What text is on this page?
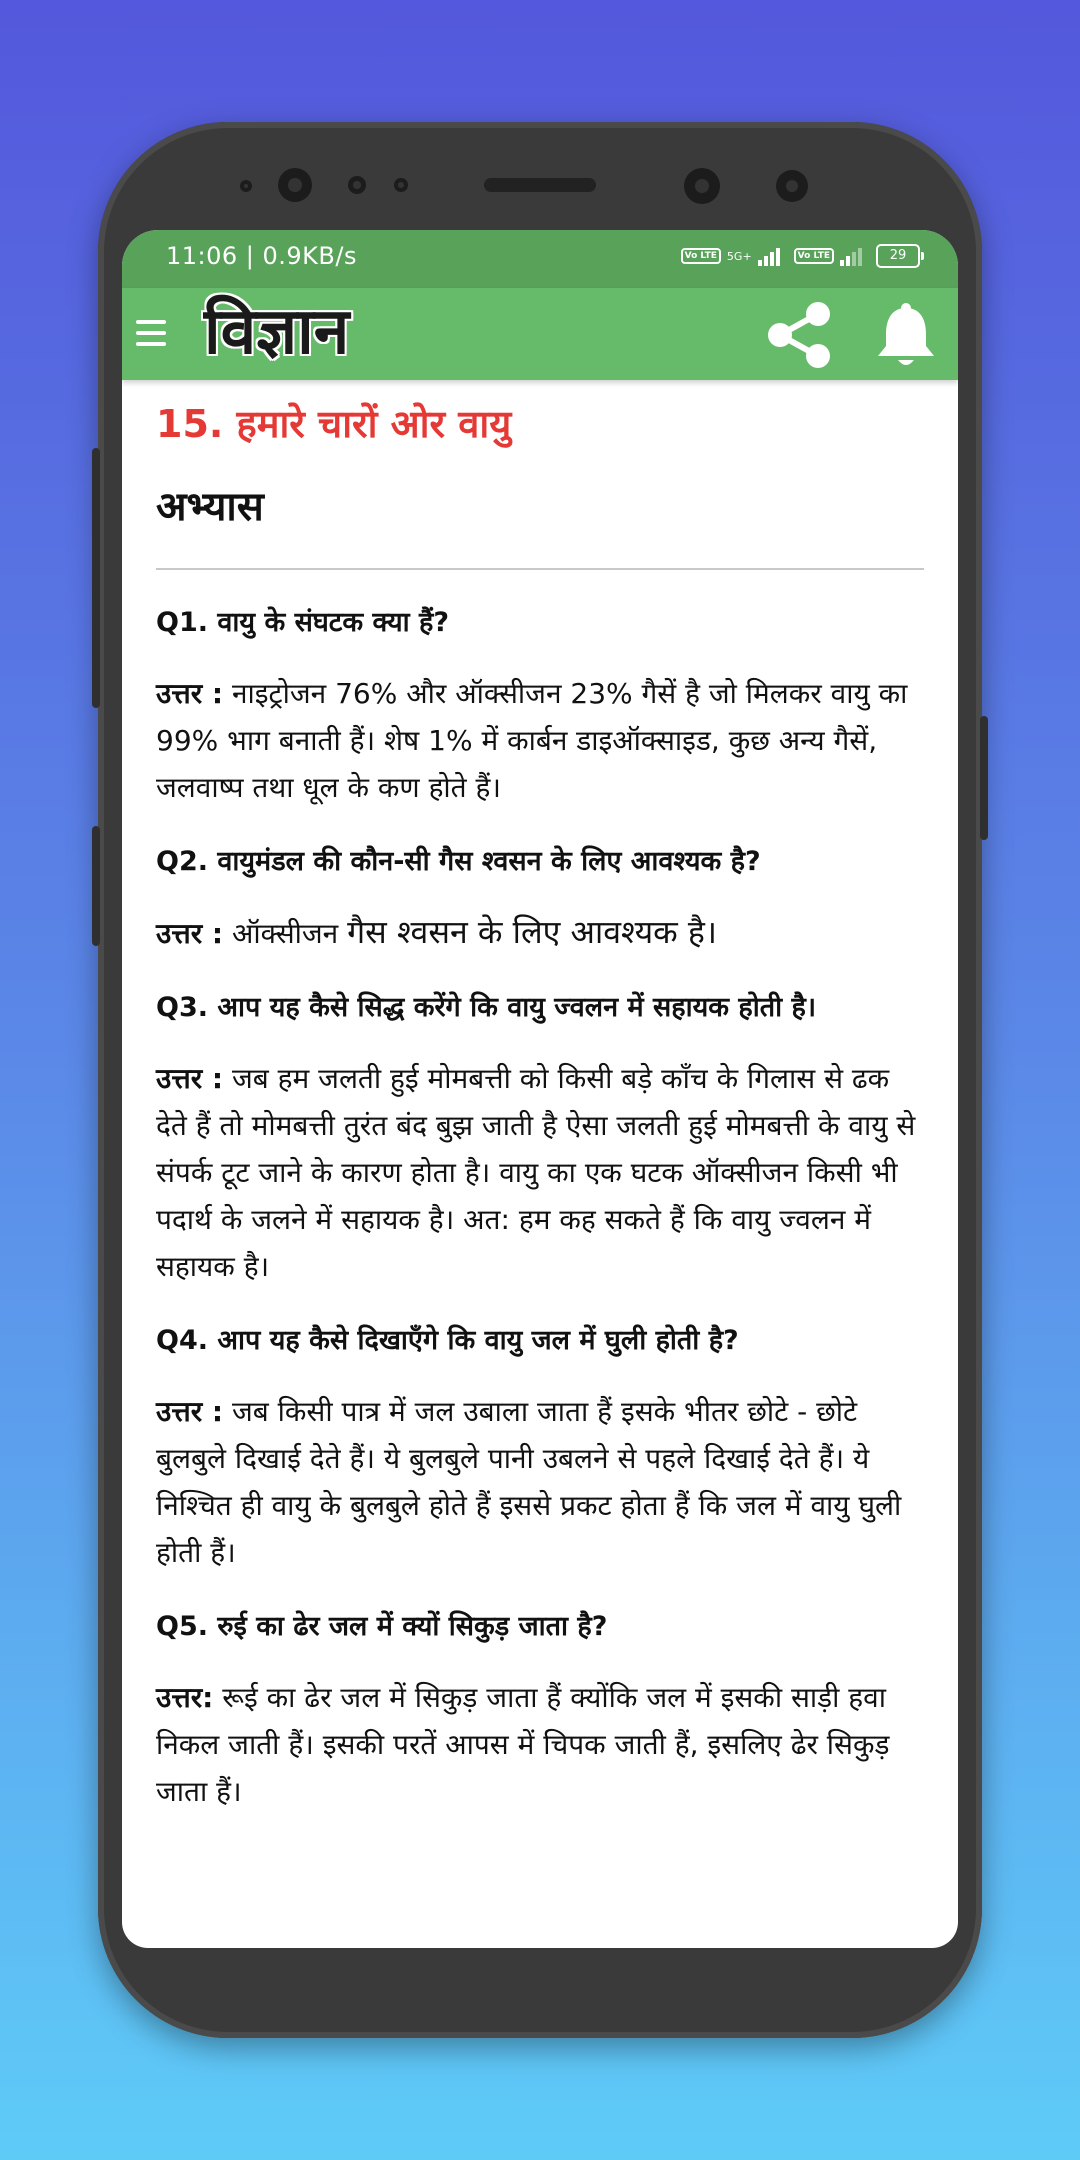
11:06 | 0.9KB/s	Vo LTE 5G+	Vo LTE	29
विज्ञान
15. हमारे चारों ओर वायु
अभ्यास

Q1. वायु के संघटक क्या हैं?

उत्तर : नाइट्रोजन 76% और ऑक्सीजन 23% गैसें है जो मिलकर वायु का 99% भाग बनाती हैं। शेष 1% में कार्बन डाइऑक्साइड, कुछ अन्य गैसें, जलवाष्प तथा धूल के कण होते हैं।

Q2. वायुमंडल की कौन-सी गैस श्वसन के लिए आवश्यक है?

उत्तर : ऑक्सीजन गैस श्वसन के लिए आवश्यक है।

Q3. आप यह कैसे सिद्ध करेंगे कि वायु ज्वलन में सहायक होती है।

उत्तर : जब हम जलती हुई मोमबत्ती को किसी बड़े काँच के गिलास से ढक देते हैं तो मोमबत्ती तुरंत बंद बुझ जाती है ऐसा जलती हुई मोमबत्ती के वायु से संपर्क टूट जाने के कारण होता है। वायु का एक घटक ऑक्सीजन किसी भी पदार्थ के जलने में सहायक है। अत: हम कह सकते हैं कि वायु ज्वलन में सहायक है।

Q4. आप यह कैसे दिखाएँगे कि वायु जल में घुली होती है?

उत्तर : जब किसी पात्र में जल उबाला जाता हैं इसके भीतर छोटे - छोटे बुलबुले दिखाई देते हैं। ये बुलबुले पानी उबलने से पहले दिखाई देते हैं। ये निश्चित ही वायु के बुलबुले होते हैं इससे प्रकट होता हैं कि जल में वायु घुली होती हैं।

Q5. रुई का ढेर जल में क्यों सिकुड़ जाता है?

उत्तर: रूई का ढेर जल में सिकुड़ जाता हैं क्योंकि जल में इसकी साड़ी हवा निकल जाती हैं। इसकी परतें आपस में चिपक जाती हैं, इसलिए ढेर सिकुड़ जाता हैं।
